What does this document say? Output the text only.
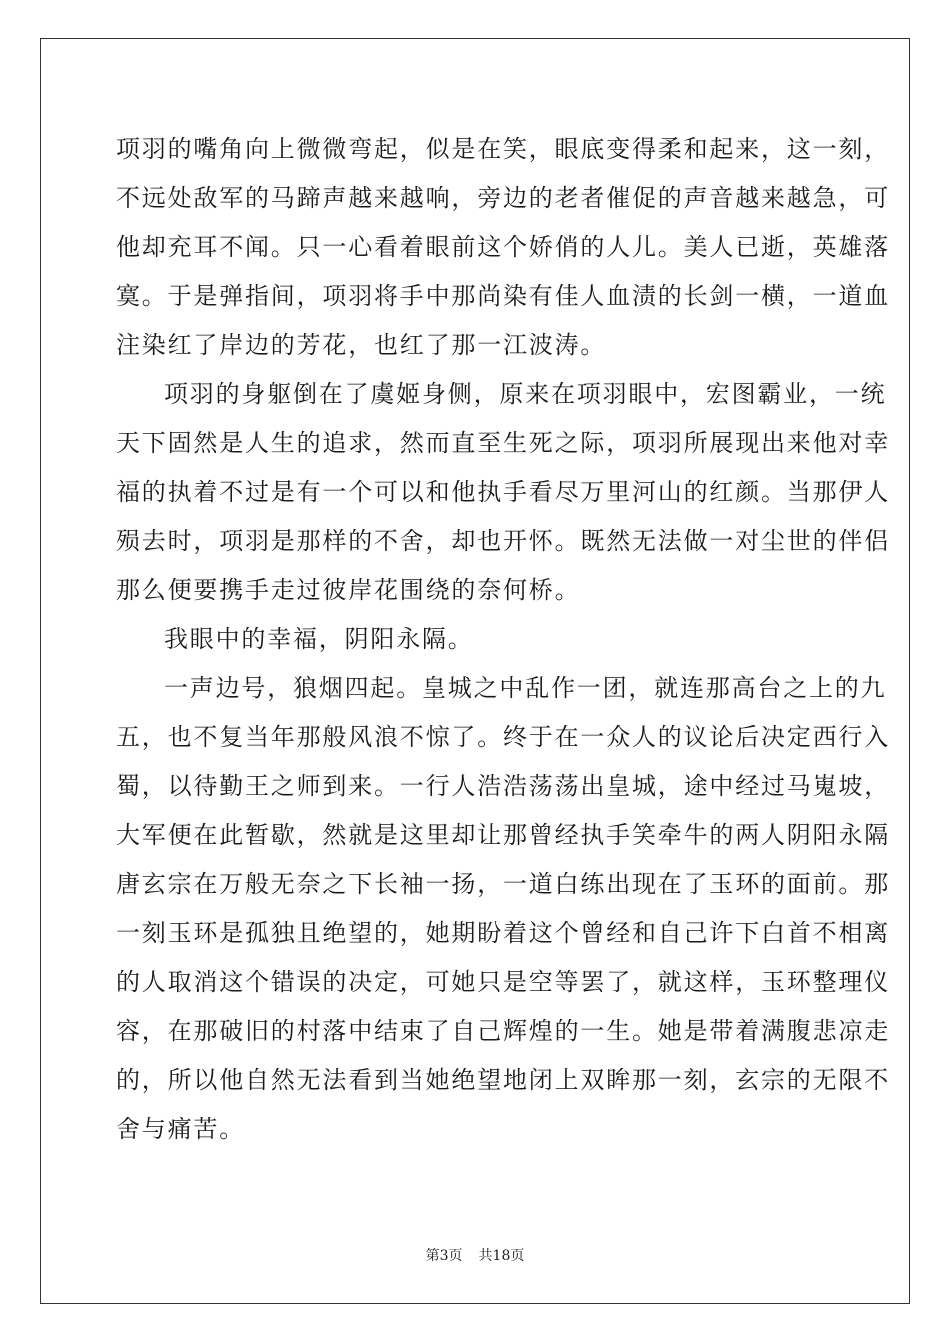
项羽的嘴角向上微微弯起，似是在笑，眼底变得柔和起来，这一刻，
不远处敌军的马蹄声越来越响，旁边的老者催促的声音越来越急，可
他却充耳不闻。只一心看着眼前这个娇俏的人儿。美人已逝，英雄落
寞。于是弹指间，项羽将手中那尚染有佳人血渍的长剑一横，一道血
注染红了岸边的芳花，也红了那一江波涛。
项羽的身躯倒在了虞姬身侧，原来在项羽眼中，宏图霸业，一统
天下固然是人生的追求，然而直至生死之际，项羽所展现出来他对幸
福的执着不过是有一个可以和他执手看尽万里河山的红颜。当那伊人
殒去时，项羽是那样的不舍，却也开怀。既然无法做一对尘世的伴侣
那么便要携手走过彼岸花围绕的奈何桥。
我眼中的幸福，阴阳永隔。
一声边号，狼烟四起。皇城之中乱作一团，就连那高台之上的九
五，也不复当年那般风浪不惊了。终于在一众人的议论后决定西行入
蜀，以待勤王之师到来。一行人浩浩荡荡出皇城，途中经过马嵬坡，
大军便在此暂歇，然就是这里却让那曾经执手笑牵牛的两人阴阳永隔
唐玄宗在万般无奈之下长袖一扬，一道白练出现在了玉环的面前。那
一刻玉环是孤独且绝望的，她期盼着这个曾经和自己许下白首不相离
的人取消这个错误的决定，可她只是空等罢了，就这样，玉环整理仪
容，在那破旧的村落中结束了自己辉煌的一生。她是带着满腹悲凉走
的，所以他自然无法看到当她绝望地闭上双眸那一刻，玄宗的无限不
舍与痛苦。
第3页 共18页
